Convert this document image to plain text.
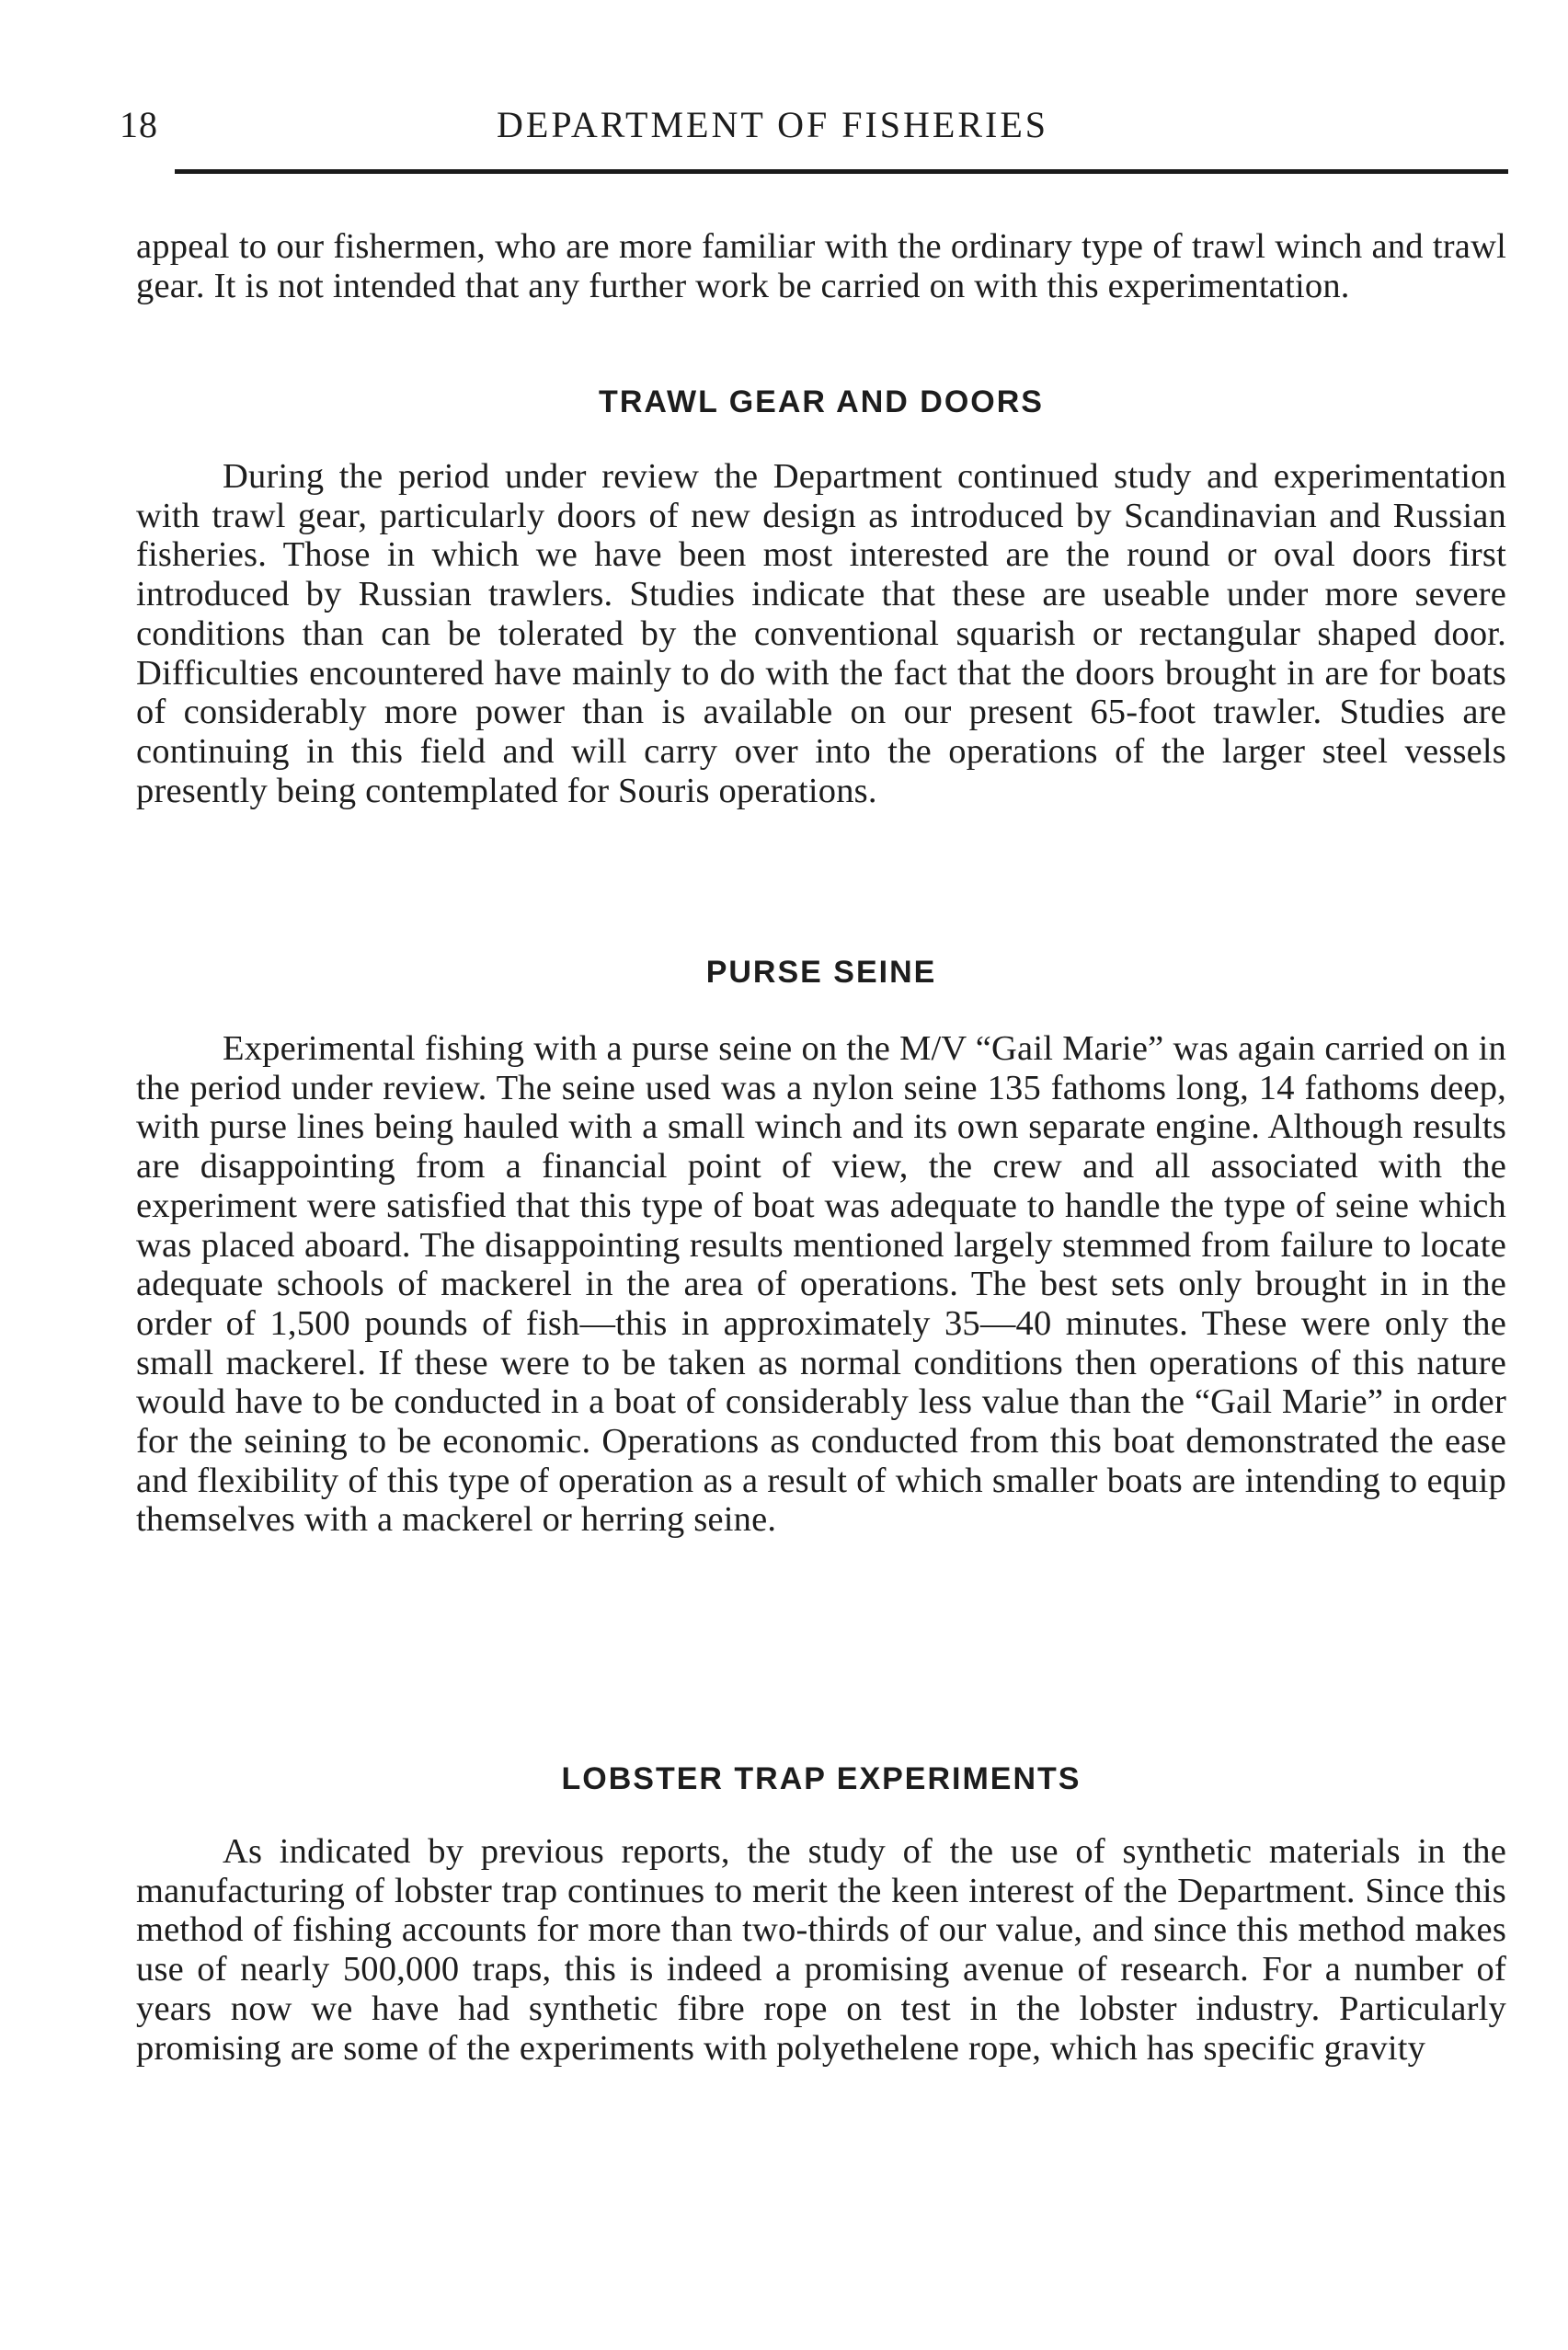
18	DEPARTMENT OF FISHERIES

appeal to our fishermen, who are more familiar with the ordinary type of trawl winch and trawl gear. It is not intended that any further work be carried on with this experimentation.

TRAWL GEAR AND DOORS

During the period under review the Department continued study and experimentation with trawl gear, particularly doors of new design as introduced by Scandinavian and Russian fisheries. Those in which we have been most interested are the round or oval doors first introduced by Russian trawlers. Studies indicate that these are useable under more severe conditions than can be tolerated by the conventional squarish or rectangular shaped door. Difficulties encountered have mainly to do with the fact that the doors brought in are for boats of considerably more power than is available on our present 65-foot trawler. Studies are continuing in this field and will carry over into the operations of the larger steel vessels presently being contemplated for Souris operations.

PURSE SEINE

Experimental fishing with a purse seine on the M/V “Gail Marie” was again carried on in the period under review. The seine used was a nylon seine 135 fathoms long, 14 fathoms deep, with purse lines being hauled with a small winch and its own separate engine. Although results are disappointing from a financial point of view, the crew and all associated with the experiment were satisfied that this type of boat was adequate to handle the type of seine which was placed aboard. The disappointing results mentioned largely stemmed from failure to locate adequate schools of mackerel in the area of operations. The best sets only brought in in the order of 1,500 pounds of fish—this in approximately 35—40 minutes. These were only the small mackerel. If these were to be taken as normal conditions then operations of this nature would have to be conducted in a boat of considerably less value than the “Gail Marie” in order for the seining to be economic. Operations as conducted from this boat demonstrated the ease and flexibility of this type of operation as a result of which smaller boats are intending to equip themselves with a mackerel or herring seine.

LOBSTER TRAP EXPERIMENTS

As indicated by previous reports, the study of the use of synthetic materials in the manufacturing of lobster trap continues to merit the keen interest of the Department. Since this method of fishing accounts for more than two-thirds of our value, and since this method makes use of nearly 500,000 traps, this is indeed a promising avenue of research. For a number of years now we have had synthetic fibre rope on test in the lobster industry. Particularly promising are some of the experiments with polyethelene rope, which has specific gravity
